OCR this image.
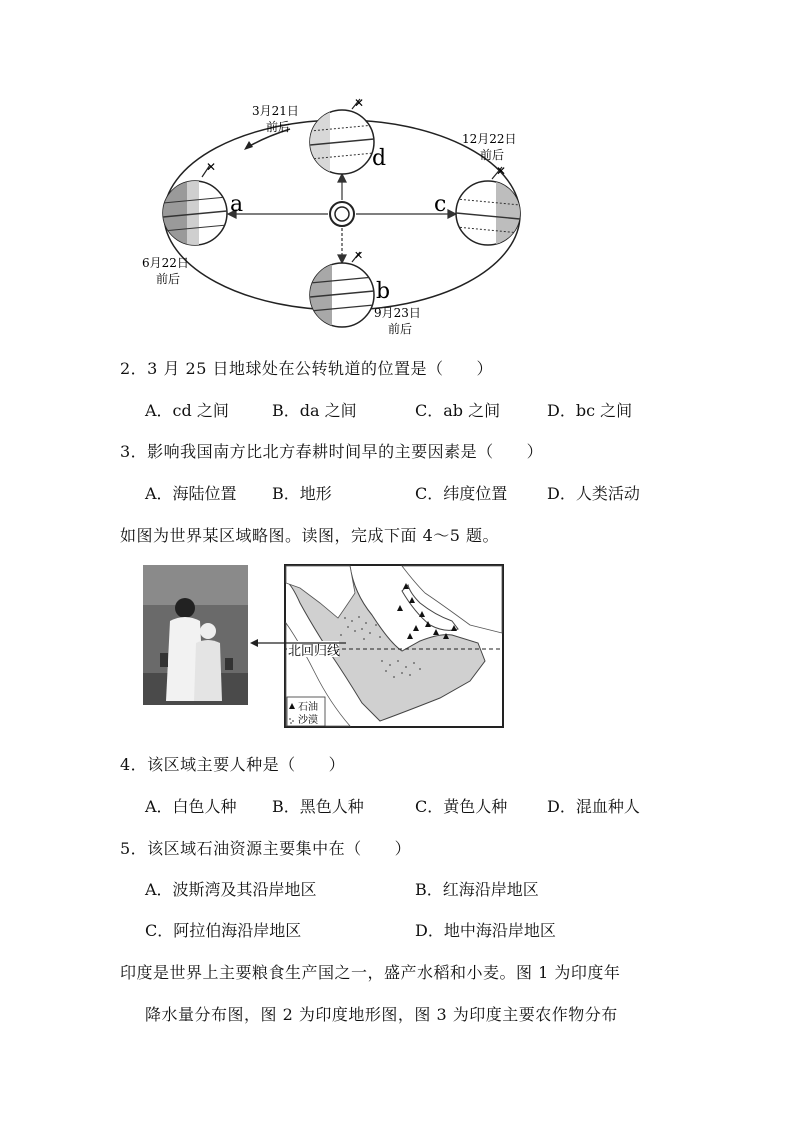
✕
✕
✕
✕
a	c
d
b
3月21日
前后
12月22日
前后
6月22日
前后
9月23日
前后
2．3 月 25 日地球处在公转轨道的位置是（　　）
A．cd 之间	B．da 之间	C．ab 之间	D．bc 之间
3．影响我国南方比北方春耕时间早的主要因素是（　　）
A．海陆位置 B．地形	C．纬度位置 D．人类活动
如图为世界某区域略图。读图，完成下面 4～5 题。
北回归线
石油
沙漠
4．该区域主要人种是（　　）
A．白色人种 B．黑色人种	C．黄色人种 D．混血种人
5．该区域石油资源主要集中在（　　）
A．波斯湾及其沿岸地区	B．红海沿岸地区
C．阿拉伯海沿岸地区	D．地中海沿岸地区
印度是世界上主要粮食生产国之一，盛产水稻和小麦。图 1 为印度年
降水量分布图，图 2 为印度地形图，图 3 为印度主要农作物分布
